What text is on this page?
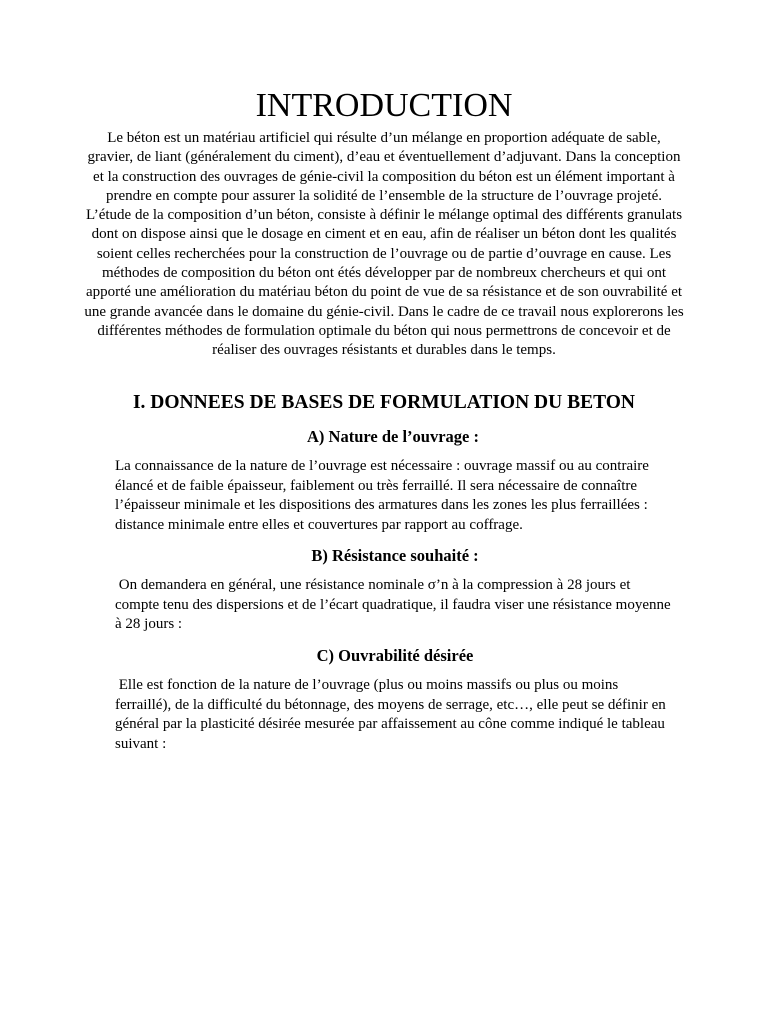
INTRODUCTION

Le béton est un matériau artificiel qui résulte d’un mélange en proportion adéquate de sable, gravier, de liant (généralement du ciment), d’eau et éventuellement d’adjuvant. Dans la conception et la construction des ouvrages de génie-civil la composition du béton est un élément important à prendre en compte pour assurer la solidité de l’ensemble de la structure de l’ouvrage projeté. L’étude de la composition d’un béton, consiste à définir le mélange optimal des différents granulats dont on dispose ainsi que le dosage en ciment et en eau, afin de réaliser un béton dont les qualités soient celles recherchées pour la construction de l’ouvrage ou de partie d’ouvrage en cause. Les méthodes de composition du béton ont étés développer par de nombreux chercheurs et qui ont apporté une amélioration du matériau béton du point de vue de sa résistance et de son ouvrabilité et une grande avancée dans le domaine du génie-civil. Dans le cadre de ce travail nous explorerons les différentes méthodes de formulation optimale du béton qui nous permettrons de concevoir et de réaliser des ouvrages résistants et durables dans le temps.

I. DONNEES DE BASES DE FORMULATION DU BETON
A) Nature de l’ouvrage :

La connaissance de la nature de l’ouvrage est nécessaire : ouvrage massif ou au contraire élancé et de faible épaisseur, faiblement ou très ferraillé. Il sera nécessaire de connaître l’épaisseur minimale et les dispositions des armatures dans les zones les plus ferraillées : distance minimale entre elles et couvertures par rapport au coffrage.

B) Résistance souhaité :

On demandera en général, une résistance nominale σ’n à la compression à 28 jours et compte tenu des dispersions et de l’écart quadratique, il faudra viser une résistance moyenne à 28 jours :

C) Ouvrabilité désirée

Elle est fonction de la nature de l’ouvrage (plus ou moins massifs ou plus ou moins ferraillé), de la difficulté du bétonnage, des moyens de serrage, etc…, elle peut se définir en général par la plasticité désirée mesurée par affaissement au cône comme indiqué le tableau suivant :
